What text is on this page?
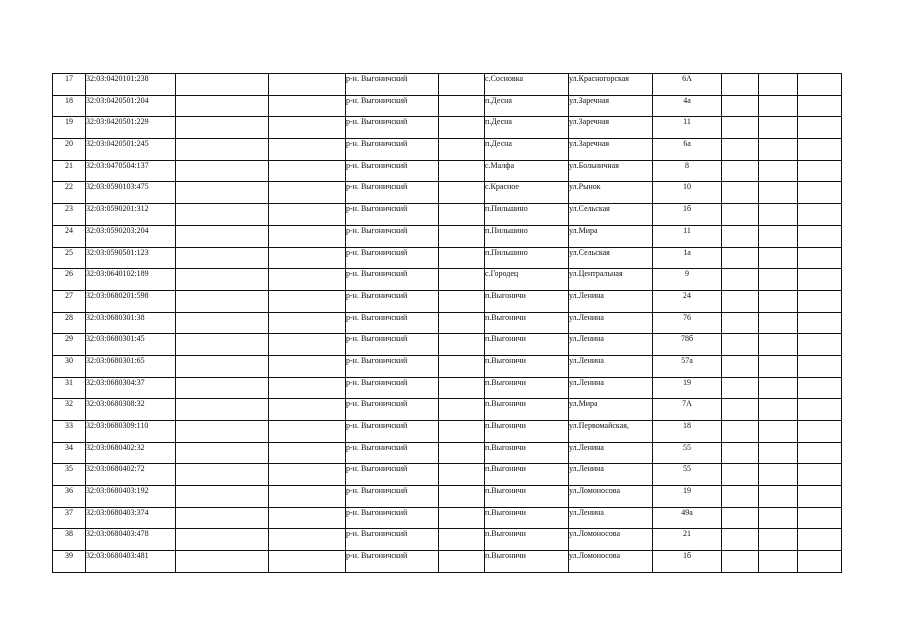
17	32:03:0420101:238			р-н. Выгоничский		с.Сосновка	ул.Красногорская	6А			
18	32:03:0420501:204			р-н. Выгоничский		п.Десна	ул.Заречная	4а			
19	32:03:0420501:229			р-н. Выгоничский		п.Десна	ул.Заречная	11			
20	32:03:0420501:245			р-н. Выгоничский		п.Десна	ул.Заречная	6а			
21	32:03:0470504:137			р-н. Выгоничский		с.Малфа	ул.Больничная	8			
22	32:03:0590103:475			р-н. Выгоничский		с.Красное	ул.Рынок	10			
23	32:03:0590201:312			р-н. Выгоничский		п.Пильшино	ул.Сельская	1б			
24	32:03:0590203:204			р-н. Выгоничский		п.Пильшино	ул.Мира	11			
25	32:03:0590501:123			р-н. Выгоничский		п.Пильшино	ул.Сельская	1а			
26	32:03:0640102:189			р-н. Выгоничский		с.Городец	ул.Центральная	9			
27	32:03:0680201:598			р-н. Выгоничский		п.Выгоничи	ул.Ленина	24			
28	32:03:0680301:38			р-н. Выгоничский		п.Выгоничи	ул.Ленина	76			
29	32:03:0680301:45			р-н. Выгоничский		п.Выгоничи	ул.Ленина	78б			
30	32:03:0680301:65			р-н. Выгоничский		п.Выгоничи	ул.Ленина	57а			
31	32:03:0680304:37			р-н. Выгоничский		п.Выгоничи	ул.Ленина	19			
32	32:03:0680308:32			р-н. Выгоничский		п.Выгоничи	ул.Мира	7А			
33	32:03:0680309:110			р-н. Выгоничский		п.Выгоничи	ул.Первомайская,	18			
34	32:03:0680402:32			р-н. Выгоничский		п.Выгоничи	ул.Ленина	55			
35	32:03:0680402:72			р-н. Выгоничский		п.Выгоничи	ул.Ленина	55			
36	32:03:0680403:192			р-н. Выгоничский		п.Выгоничи	ул.Ломоносова	19			
37	32:03:0680403:374			р-н. Выгоничский		п.Выгоничи	ул.Ленина	49а			
38	32:03:0680403:478			р-н. Выгоничский		п.Выгоничи	ул.Ломоносова	21			
39	32:03:0680403:481			р-н. Выгоничский		п.Выгоничи	ул.Ломоносова	1б			
